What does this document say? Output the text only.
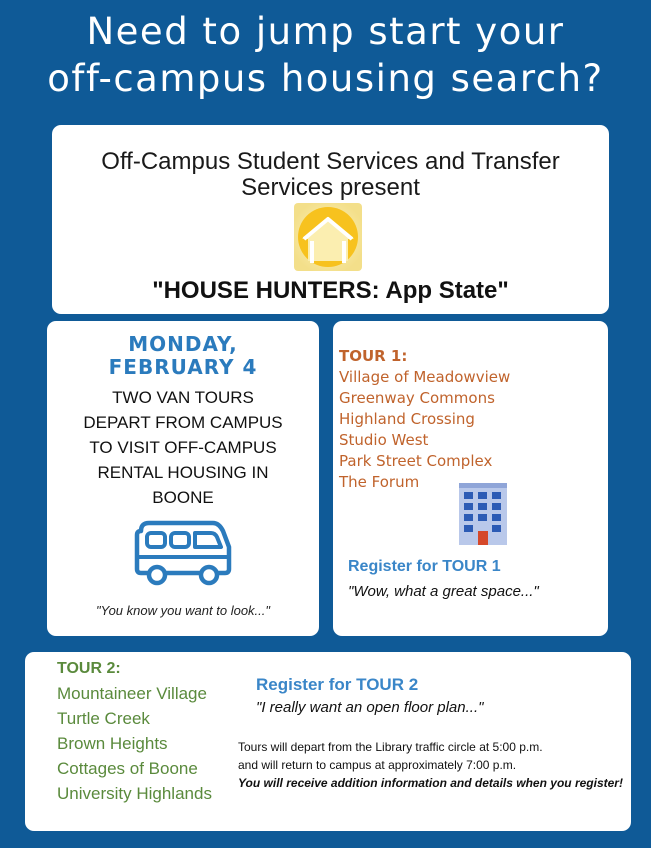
Need to jump start your
off-campus housing search?
Off-Campus Student Services and Transfer
Services present
"HOUSE HUNTERS: App State"
MONDAY,
FEBRUARY 4
TWO VAN TOURS
DEPART FROM CAMPUS
TO VISIT OFF-CAMPUS
RENTAL HOUSING IN
BOONE
"You know you want to look..."
TOUR 1:
Village of Meadowview
Greenway Commons
Highland Crossing
Studio West
Park Street Complex
The Forum
Register for TOUR 1
"Wow, what a great space..."
TOUR 2:
Mountaineer Village
Turtle Creek
Brown Heights
Cottages of Boone
University Highlands
Register for TOUR 2
"I really want an open floor plan..."
Tours will depart from the Library traffic circle at 5:00 p.m.
and will return to campus at approximately 7:00 p.m.
You will receive addition information and details when you register!
